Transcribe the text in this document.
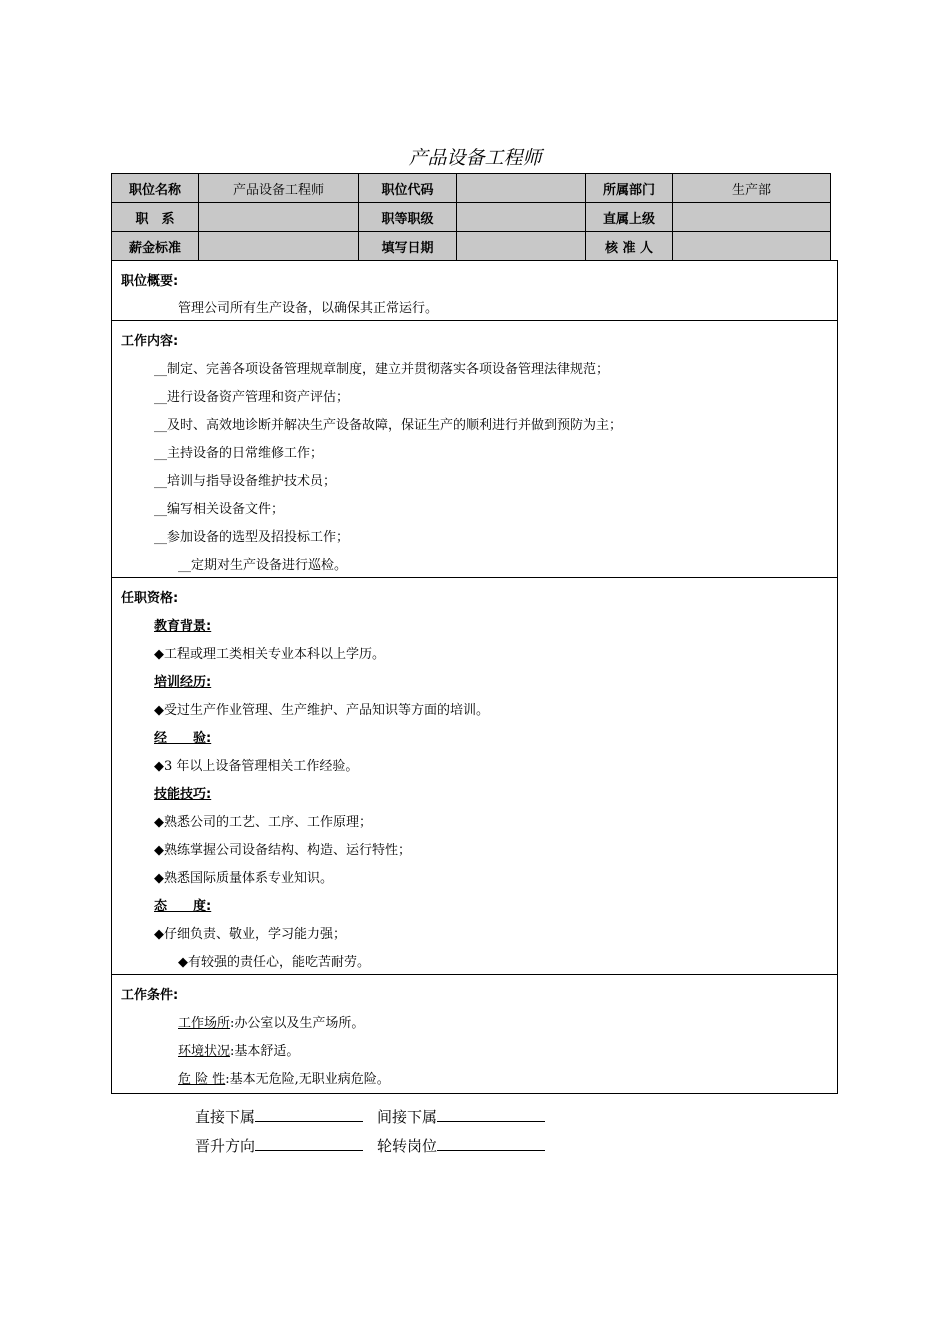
产品设备工程师
职位名称	产品设备工程师	职位代码		所属部门	生产部
职　系		职等职级		直属上级	
薪金标准		填写日期		核 准 人	
职位概要:
管理公司所有生产设备，以确保其正常运行。
工作内容:
__制定、完善各项设备管理规章制度，建立并贯彻落实各项设备管理法律规范；
__进行设备资产管理和资产评估；
__及时、高效地诊断并解决生产设备故障，保证生产的顺利进行并做到预防为主；
__主持设备的日常维修工作；
__培训与指导设备维护技术员；
__编写相关设备文件；
__参加设备的选型及招投标工作；
__定期对生产设备进行巡检。
任职资格:
教育背景:
◆工程或理工类相关专业本科以上学历。
培训经历:
◆受过生产作业管理、生产维护、产品知识等方面的培训。
经　　验:
◆3 年以上设备管理相关工作经验。
技能技巧:
◆熟悉公司的工艺、工序、工作原理；
◆熟练掌握公司设备结构、构造、运行特性；
◆熟悉国际质量体系专业知识。
态　　度:
◆仔细负责、敬业，学习能力强；
◆有较强的责任心，能吃苦耐劳。
工作条件:
工作场所:办公室以及生产场所。
环境状况:基本舒适。
危 险 性:基本无危险,无职业病危险。
直接下属	间接下属
晋升方向	轮转岗位
